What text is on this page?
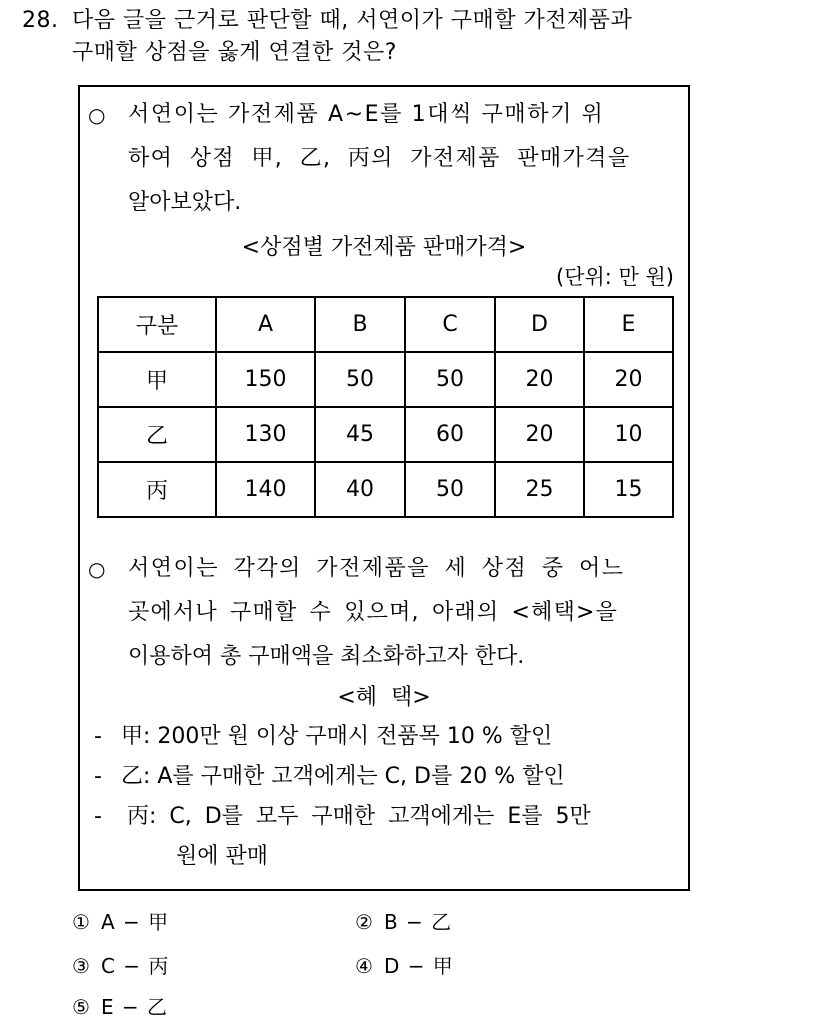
28. 다음 글을 근거로 판단할 때, 서연이가 구매할 가전제품과
구매할 상점을 옳게 연결한 것은?
○ 서연이는 가전제품 A~E를 1대씩 구매하기 위
하여 상점 甲, 乙, 丙의 가전제품 판매가격을
알아보았다.
<상점별 가전제품 판매가격>
(단위: 만 원)
구분	A	B	C	D	E
甲	150	50	50	20	20
乙	130	45	60	20	10
丙	140	40	50	25	15
○ 서연이는 각각의 가전제품을 세 상점 중 어느
곳에서나 구매할 수 있으며, 아래의 <혜택>을
이용하여 총 구매액을 최소화하고자 한다.
<혜  택>
- 甲: 200만 원 이상 구매시 전품목 10 % 할인
- 乙: A를 구매한 고객에게는 C, D를 20 % 할인
- 丙: C, D를 모두 구매한 고객에게는 E를 5만
원에 판매
① A − 甲	② B − 乙
③ C − 丙	④ D − 甲
⑤ E − 乙
